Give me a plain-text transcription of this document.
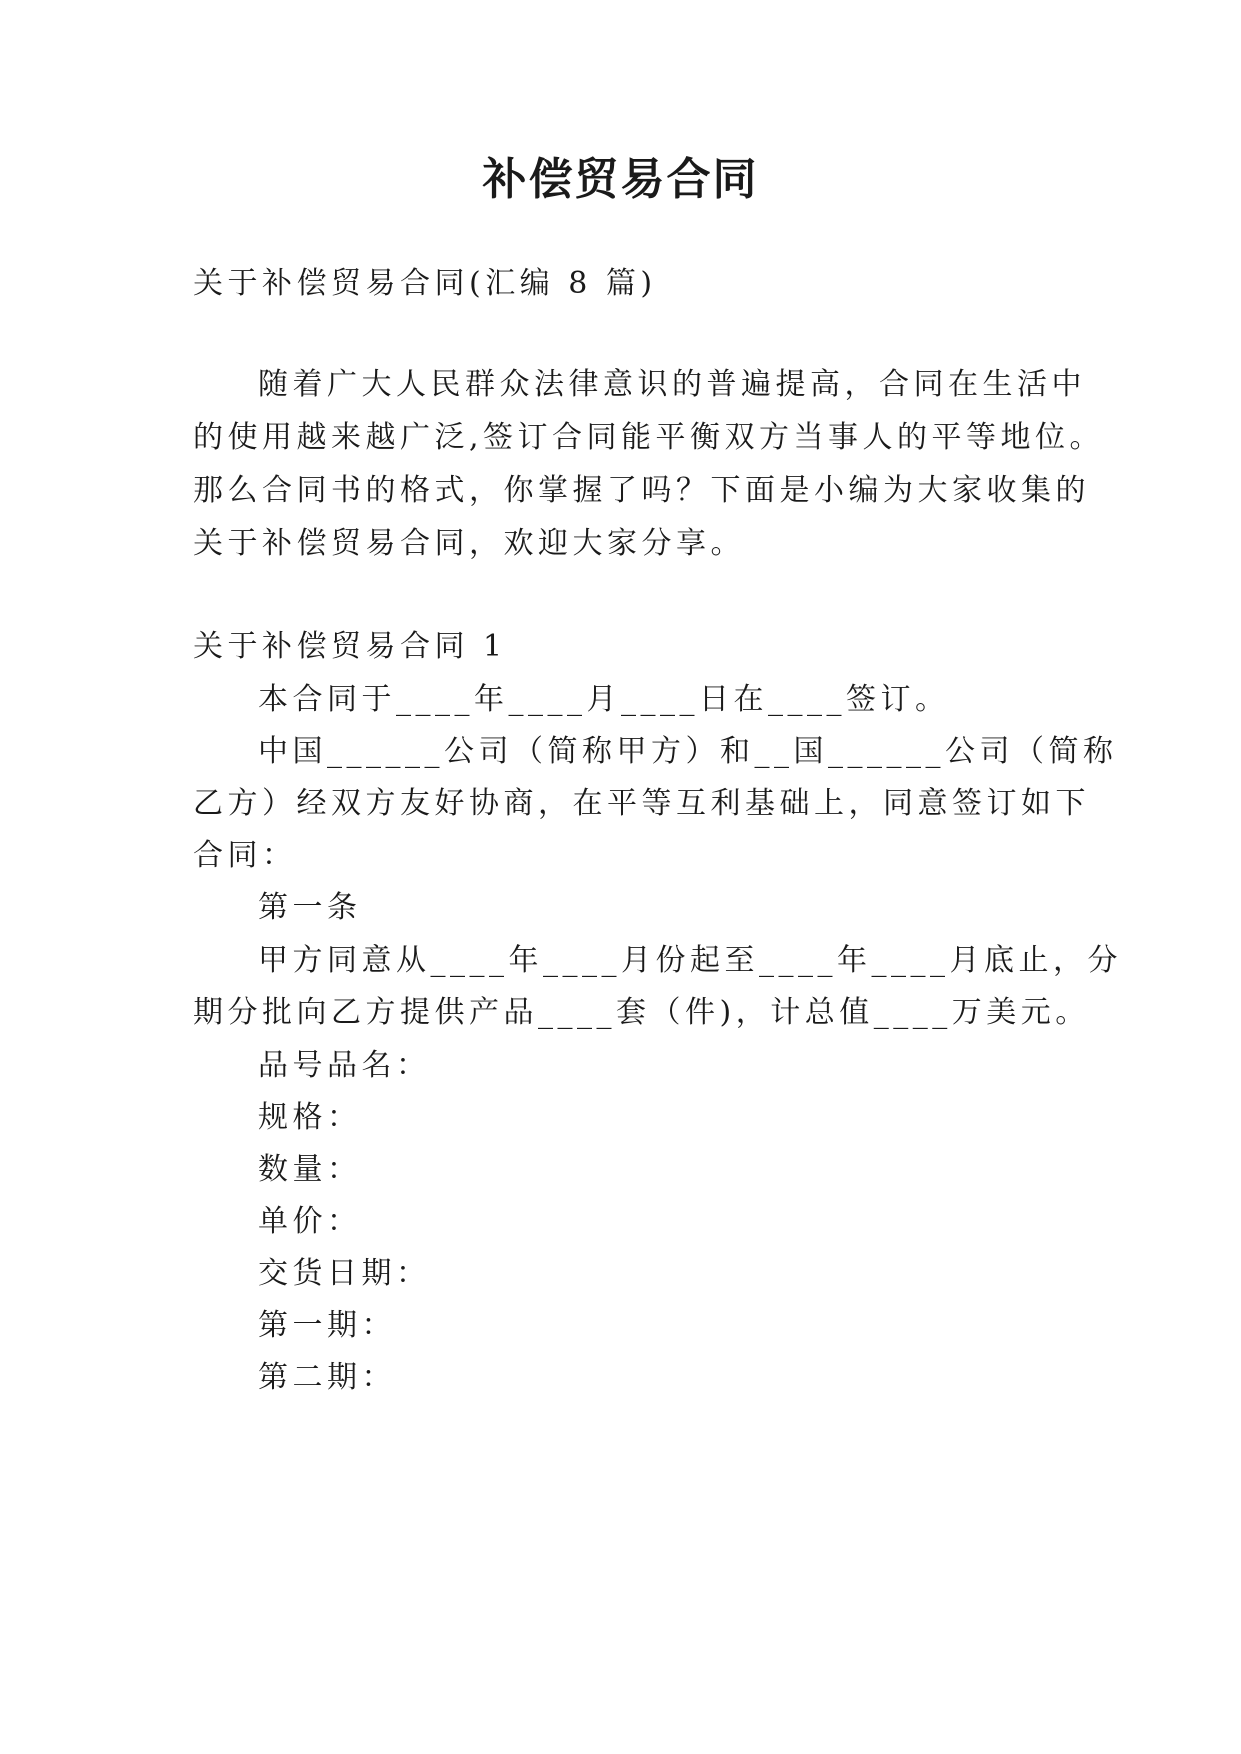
补偿贸易合同
关于补偿贸易合同(汇编 8 篇)
随着广大人民群众法律意识的普遍提高，合同在生活中
的使用越来越广泛,签订合同能平衡双方当事人的平等地位。
那么合同书的格式，你掌握了吗？下面是小编为大家收集的
关于补偿贸易合同，欢迎大家分享。
关于补偿贸易合同 1
本合同于____年____月____日在____签订。
中国______公司（简称甲方）和__国______公司（简称
乙方）经双方友好协商，在平等互利基础上，同意签订如下
合同：
第一条
甲方同意从____年____月份起至____年____月底止，分
期分批向乙方提供产品____套（件)，计总值____万美元。
品号品名：
规格：
数量：
单价：
交货日期：
第一期：
第二期：
